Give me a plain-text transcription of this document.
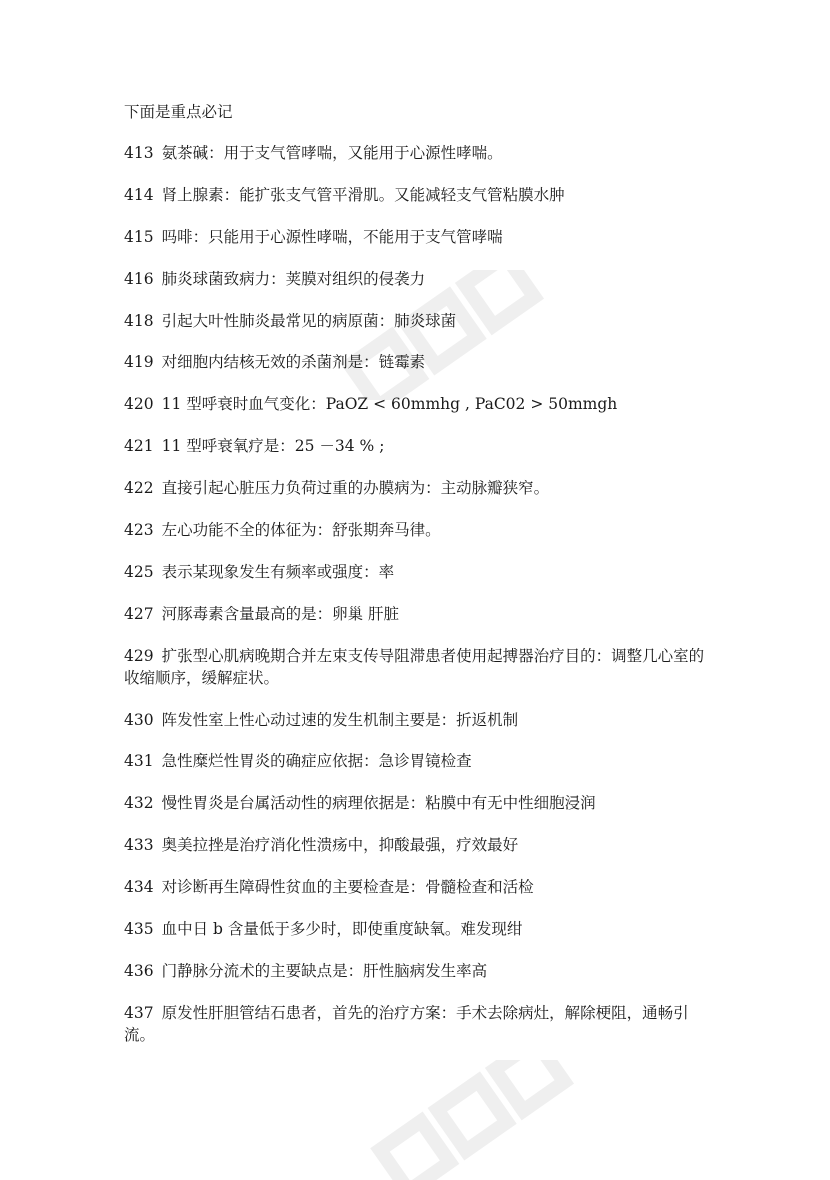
下面是重点必记
413 氨茶碱：用于支气管哮喘，又能用于心源性哮喘。
414 肾上腺素：能扩张支气管平滑肌。又能减轻支气管粘膜水肿
415 吗啡：只能用于心源性哮喘，不能用于支气管哮喘
416 肺炎球菌致病力：荚膜对组织的侵袭力
418 引起大叶性肺炎最常见的病原菌：肺炎球菌
419 对细胞内结核无效的杀菌剂是：链霉素
420 11 型呼衰时血气变化：PaOZ < 60mmhg , PaC02 > 50mmgh
421 11 型呼衰氧疗是：25 －34 % ;
422 直接引起心脏压力负荷过重的办膜病为：主动脉瓣狭窄。
423 左心功能不全的体征为：舒张期奔马律。
425 表示某现象发生有频率或强度：率
427 河豚毒素含量最高的是：卵巢 肝脏
429 扩张型心肌病晚期合并左束支传导阻滞患者使用起搏器治疗目的：调整几心室的收缩顺序，缓解症状。
430 阵发性室上性心动过速的发生机制主要是：折返机制
431 急性糜烂性胃炎的确症应依据：急诊胃镜检查
432 慢性胃炎是台属活动性的病理依据是：粘膜中有无中性细胞浸润
433 奥美拉挫是治疗消化性溃疡中，抑酸最强，疗效最好
434 对诊断再生障碍性贫血的主要检查是：骨髓检查和活检
435 血中日 b 含量低于多少时，即使重度缺氧。难发现绀
436 门静脉分流术的主要缺点是：肝性脑病发生率高
437 原发性肝胆管结石患者，首先的治疗方案：手术去除病灶，解除梗阻，通畅引流。
